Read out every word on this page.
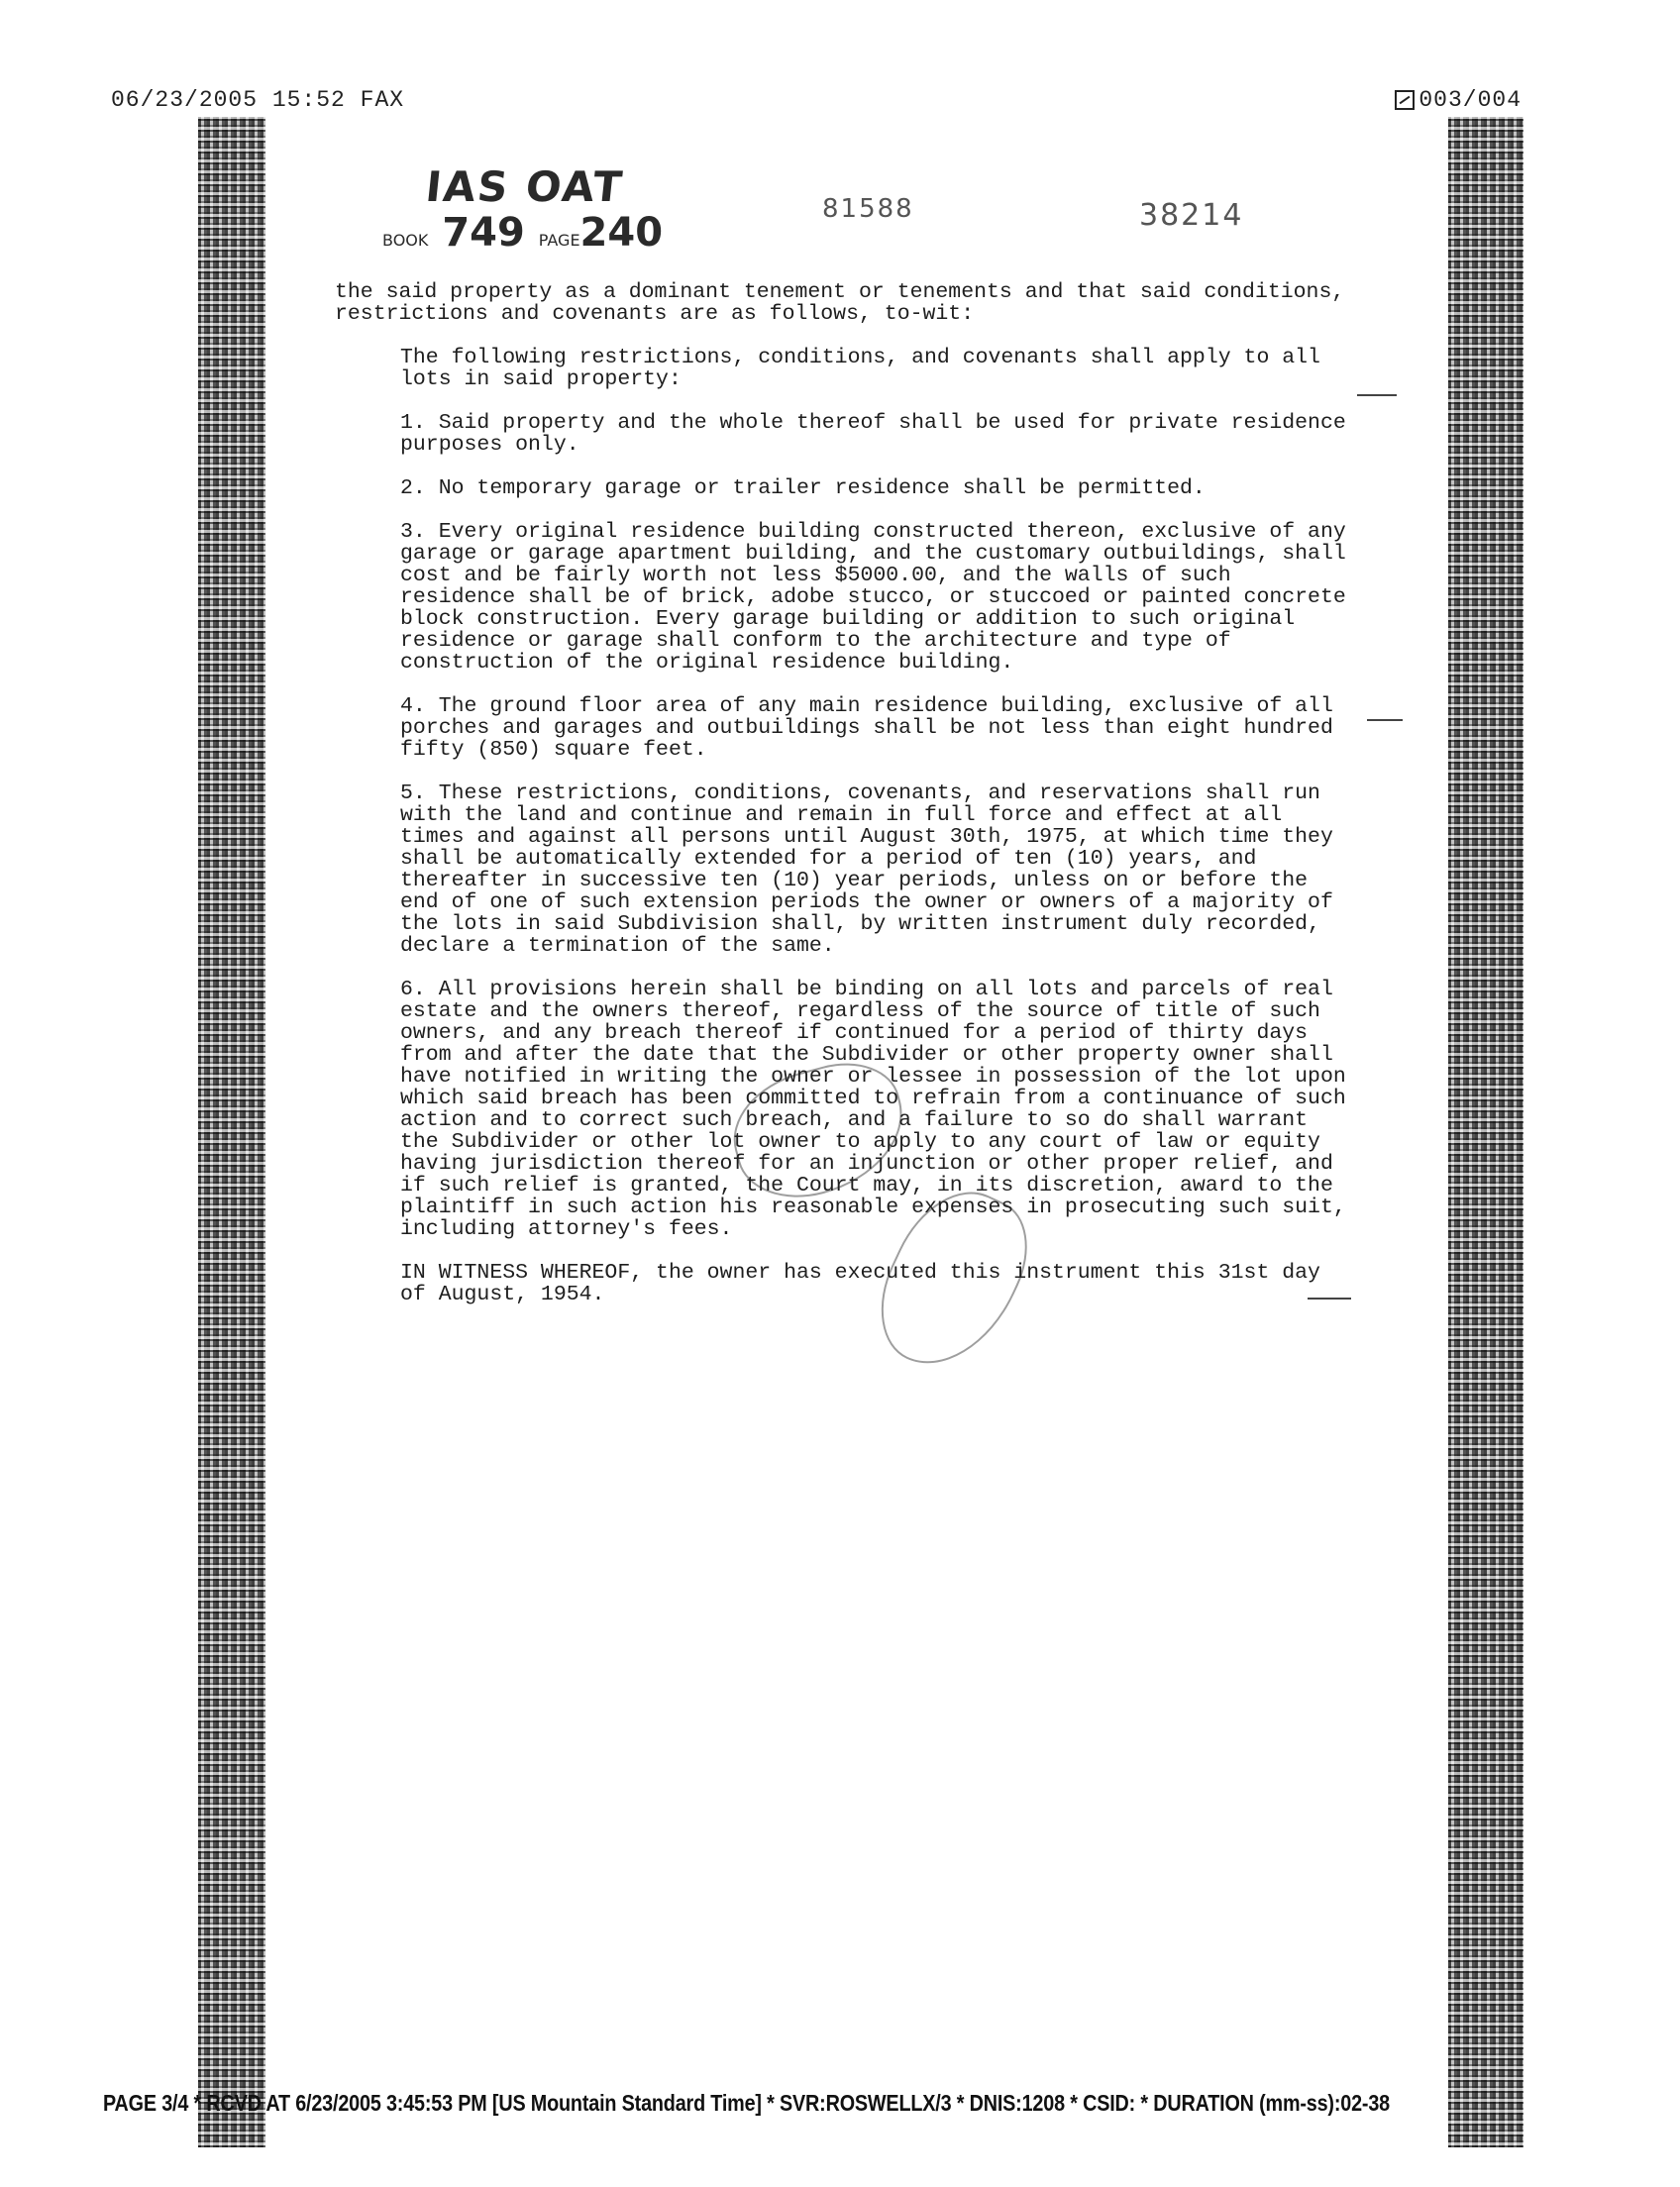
06/23/2005 15:52 FAX	003/004
IAS OAT
BOOK 749 PAGE240
81588	38214

the said property as a dominant tenement or tenements and that said conditions, restrictions and covenants are as follows, to-wit:

The following restrictions, conditions, and covenants shall apply to all lots in said property:

1. Said property and the whole thereof shall be used for private residence purposes only.

2. No temporary garage or trailer residence shall be permitted.

3. Every original residence building constructed thereon, exclusive of any garage or garage apartment building, and the customary outbuildings, shall cost and be fairly worth not less $5000.00, and the walls of such residence shall be of brick, adobe stucco, or stuccoed or painted concrete block construction. Every garage building or addition to such original residence or garage shall conform to the architecture and type of construction of the original residence building.

4. The ground floor area of any main residence building, exclusive of all porches and garages and outbuildings shall be not less than eight hundred fifty (850) square feet.

5. These restrictions, conditions, covenants, and reservations shall run with the land and continue and remain in full force and effect at all times and against all persons until August 30th, 1975, at which time they shall be automatically extended for a period of ten (10) years, and thereafter in successive ten (10) year periods, unless on or before the end of one of such extension periods the owner or owners of a majority of the lots in said Subdivision shall, by written instrument duly recorded, declare a termination of the same.

6. All provisions herein shall be binding on all lots and parcels of real estate and the owners thereof, regardless of the source of title of such owners, and any breach thereof if continued for a period of thirty days from and after the date that the Subdivider or other property owner shall have notified in writing the owner or lessee in possession of the lot upon which said breach has been committed to refrain from a continuance of such action and to correct such breach, and a failure to so do shall warrant the Subdivider or other lot owner to apply to any court of law or equity having jurisdiction thereof for an injunction or other proper relief, and if such relief is granted, the Court may, in its discretion, award to the plaintiff in such action his reasonable expenses in prosecuting such suit, including attorney's fees.

IN WITNESS WHEREOF, the owner has executed this instrument this 31st day of August, 1954.

PAGE 3/4 * RCVD AT 6/23/2005 3:45:53 PM [US Mountain Standard Time] * SVR:ROSWELLX/3 * DNIS:1208 * CSID: * DURATION (mm-ss):02-38
